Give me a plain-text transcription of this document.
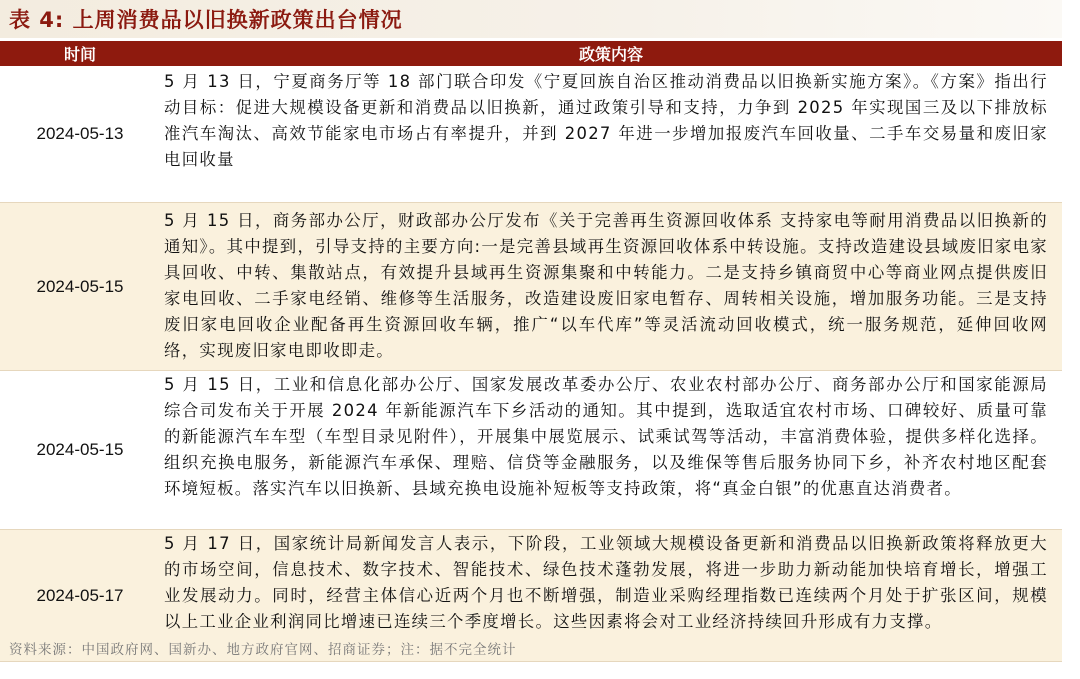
表 4: 上周消费品以旧换新政策出台情况
时间	政策内容
2024-05-13
5 月 13 日，宁夏商务厅等 18 部门联合印发《宁夏回族自治区推动消费品以旧换新实施方案》。《方案》指出行动目标：促进大规模设备更新和消费品以旧换新，通过政策引导和支持，力争到 2025 年实现国三及以下排放标准汽车淘汰、高效节能家电市场占有率提升，并到 2027 年进一步增加报废汽车回收量、二手车交易量和废旧家电回收量
2024-05-15
5 月 15 日，商务部办公厅，财政部办公厅发布《关于完善再生资源回收体系 支持家电等耐用消费品以旧换新的通知》。其中提到，引导支持的主要方向:一是完善县域再生资源回收体系中转设施。支持改造建设县域废旧家电家具回收、中转、集散站点，有效提升县域再生资源集聚和中转能力。二是支持乡镇商贸中心等商业网点提供废旧家电回收、二手家电经销、维修等生活服务，改造建设废旧家电暂存、周转相关设施，增加服务功能。三是支持废旧家电回收企业配备再生资源回收车辆，推广“以车代库”等灵活流动回收模式，统一服务规范，延伸回收网络，实现废旧家电即收即走。
2024-05-15
5 月 15 日，工业和信息化部办公厅、国家发展改革委办公厅、农业农村部办公厅、商务部办公厅和国家能源局综合司发布关于开展 2024 年新能源汽车下乡活动的通知。其中提到，选取适宜农村市场、口碑较好、质量可靠的新能源汽车车型（车型目录见附件），开展集中展览展示、试乘试驾等活动，丰富消费体验，提供多样化选择。组织充换电服务，新能源汽车承保、理赔、信贷等金融服务，以及维保等售后服务协同下乡，补齐农村地区配套环境短板。落实汽车以旧换新、县域充换电设施补短板等支持政策，将“真金白银”的优惠直达消费者。
2024-05-17
5 月 17 日，国家统计局新闻发言人表示，下阶段，工业领域大规模设备更新和消费品以旧换新政策将释放更大的市场空间，信息技术、数字技术、智能技术、绿色技术蓬勃发展，将进一步助力新动能加快培育增长，增强工业发展动力。同时，经营主体信心近两个月也不断增强，制造业采购经理指数已连续两个月处于扩张区间，规模以上工业企业利润同比增速已连续三个季度增长。这些因素将会对工业经济持续回升形成有力支撑。
资料来源：中国政府网、国新办、地方政府官网、招商证券；注：据不完全统计
